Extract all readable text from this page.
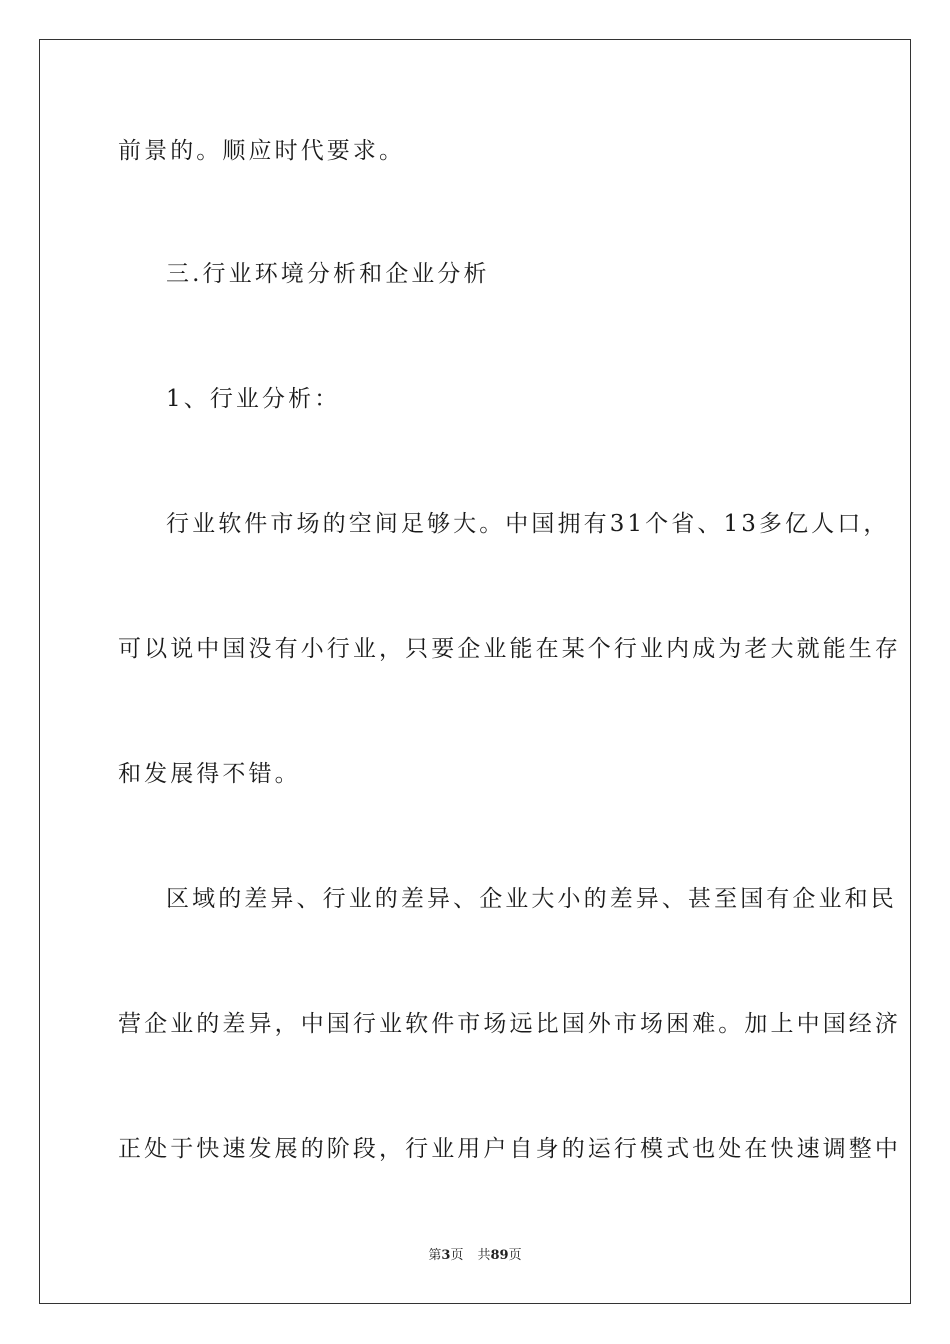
前景的。顺应时代要求。
三.行业环境分析和企业分析
1、行业分析：
行业软件市场的空间足够大。中国拥有31个省、13多亿人口，
可以说中国没有小行业，只要企业能在某个行业内成为老大就能生存
和发展得不错。
区域的差异、行业的差异、企业大小的差异、甚至国有企业和民
营企业的差异，中国行业软件市场远比国外市场困难。加上中国经济
正处于快速发展的阶段，行业用户自身的运行模式也处在快速调整中
第3页 共89页
